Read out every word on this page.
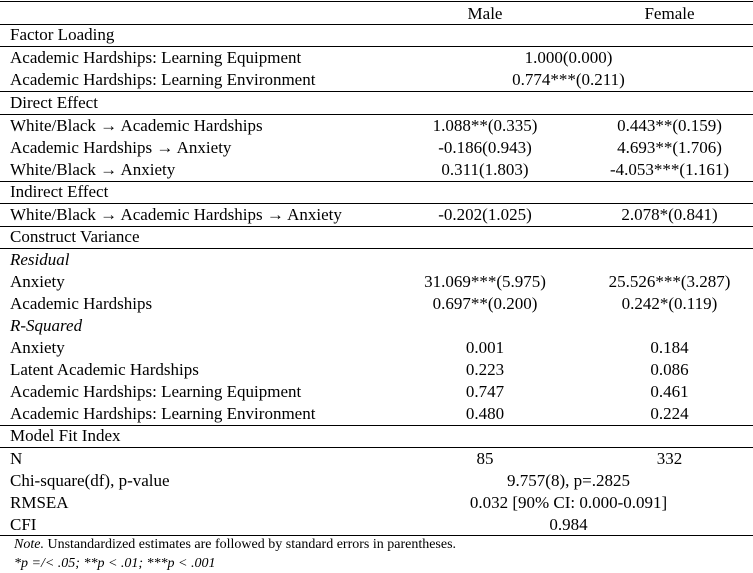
Male	Female
Factor Loading
Academic Hardships: Learning Equipment	1.000(0.000)
Academic Hardships: Learning Environment	0.774***(0.211)
Direct Effect
White/Black → Academic Hardships	1.088**(0.335)	0.443**(0.159)
Academic Hardships → Anxiety	-0.186(0.943)	4.693**(1.706)
White/Black → Anxiety	0.311(1.803)	-4.053***(1.161)
Indirect Effect
White/Black → Academic Hardships → Anxiety	-0.202(1.025)	2.078*(0.841)
Construct Variance
Residual
Anxiety	31.069***(5.975)	25.526***(3.287)
Academic Hardships	0.697**(0.200)	0.242*(0.119)
R-Squared
Anxiety	0.001	0.184
Latent Academic Hardships	0.223	0.086
Academic Hardships: Learning Equipment	0.747	0.461
Academic Hardships: Learning Environment	0.480	0.224
Model Fit Index
N	85	332
Chi-square(df), p-value	9.757(8), p=.2825
RMSEA	0.032 [90% CI: 0.000-0.091]
CFI	0.984
Note. Unstandardized estimates are followed by standard errors in parentheses.
*p =/< .05; **p < .01; ***p < .001
